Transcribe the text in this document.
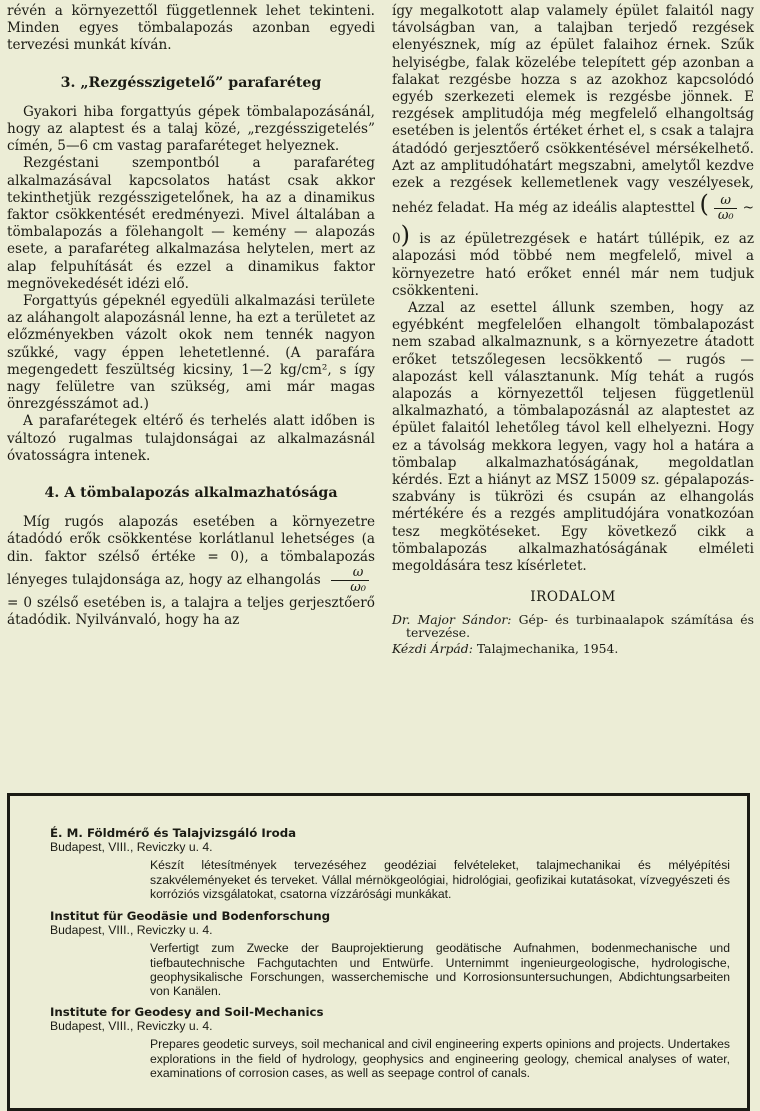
révén a környezettől függetlennek lehet tekinteni. Minden egyes tömbalapozás azonban egyedi tervezési munkát kíván.

3. „Rezgésszigetelő” parafaréteg

Gyakori hiba forgattyús gépek tömbalapozásánál, hogy az alaptest és a talaj közé, „rezgésszigetelés” címén, 5—6 cm vastag parafaréteget helyeznek.

Rezgéstani szempontból a parafaréteg alkalmazásával kapcsolatos hatást csak akkor tekinthetjük rezgésszigetelőnek, ha az a dinamikus faktor csökkentését eredményezi. Mivel általában a tömbalapozás a fölehangolt — kemény — alapozás esete, a parafaréteg alkalmazása helytelen, mert az alap felpuhítását és ezzel a dinamikus faktor megnövekedését idézi elő.

Forgattyús gépeknél egyedüli alkalmazási területe az aláhangolt alapozásnál lenne, ha ezt a területet az előzményekben vázolt okok nem tennék nagyon szűkké, vagy éppen lehetetlenné. (A parafára megengedett feszültség kicsiny, 1—2 kg/cm², s így nagy felületre van szükség, ami már magas önrezgésszámot ad.)

A parafarétegek eltérő és terhelés alatt időben is változó rugalmas tulajdonságai az alkalmazásnál óvatosságra intenek.

4. A tömbalapozás alkalmazhatósága

Míg rugós alapozás esetében a környezetre átadódó erők csökkentése korlátlanul lehetséges (a din. faktor szélső értéke = 0), a tömbalapozás lényeges tulajdonsága az, hogy az elhangolás $\frac{\omega}{\text{ω₀}}$
= 0 szélső esetében is, a talajra a teljes gerjesztőerő átadódik. Nyilvánvaló, hogy ha az

így megalkotott alap valamely épület falaitól nagy távolságban van, a talajban terjedő rezgések elenyésznek, míg az épület falaihoz érnek. Szűk helyiségbe, falak közelébe telepített gép azonban a falakat rezgésbe hozza s az azokhoz kapcsolódó egyéb szerkezeti elemek is rezgésbe jönnek. E rezgések amplitudója még megfelelő elhangoltság esetében is jelentős értéket érhet el, s csak a talajra átadódó gerjesztőerő csökkentésével mérsékelhető. Azt az amplitudóhatárt megszabni, amelytől kezdve ezek a rezgések kellemetlenek vagy veszélyesek, nehéz feladat. Ha még az ideális alaptesttel ( $\frac{\omega}{\text{ω₀}}$ ~ 0) is az épületrezgések e határt túllépik, ez az alapozási mód többé nem megfelelő, mivel a környezetre ható erőket ennél már nem tudjuk csökkenteni.

Azzal az esettel állunk szemben, hogy az egyébként megfelelően elhangolt tömbalapozást nem szabad alkalmaznunk, s a környezetre átadott erőket tetszőlegesen lecsökkentő — rugós — alapozást kell választanunk. Míg tehát a rugós alapozás a környezettől teljesen függetlenül alkalmazható, a tömbalapozásnál az alaptestet az épület falaitól lehetőleg távol kell elhelyezni. Hogy ez a távolság mekkora legyen, vagy hol a határa a tömbalap alkalmazhatóságának, megoldatlan kérdés. Ezt a hiányt az MSZ 15009 sz. gépalapozás-szabvány is tükrözi és csupán az elhangolás mértékére és a rezgés amplitudójára vonatkozóan tesz megkötéseket. Egy következő cikk a tömbalapozás alkalmazhatóságának elméleti megoldására tesz kísérletet.

IRODALOM
Dr. Major Sándor: Gép- és turbinaalapok számítása és tervezése.
Kézdi Árpád: Talajmechanika, 1954.
É. M. Földmérő és Talajvizsgáló Iroda
Budapest, VIII., Reviczky u. 4.
Készít létesítmények tervezéséhez geodéziai felvételeket, talajmechanikai és mélyépítési szakvéleményeket és terveket. Vállal mérnökgeológiai, hidrológiai, geofizikai kutatásokat, vízvegyészeti és korróziós vizsgálatokat, csatorna vízzárósági munkákat.
Institut für Geodäsie und Bodenforschung
Budapest, VIII., Reviczky u. 4.
Verfertigt zum Zwecke der Bauprojektierung geodätische Aufnahmen, bodenmechanische und tiefbautechnische Fachgutachten und Entwürfe. Unternimmt ingenieurgeologische, hydrologische, geophysikalische Forschungen, wasserchemische und Korrosionsuntersuchungen, Abdichtungsarbeiten von Kanälen.
Institute for Geodesy and Soil-Mechanics
Budapest, VIII., Reviczky u. 4.
Prepares geodetic surveys, soil mechanical and civil engineering experts opinions and projects. Undertakes explorations in the field of hydrology, geophysics and engineering geology, chemical analyses of water, examinations of corrosion cases, as well as seepage control of canals.
